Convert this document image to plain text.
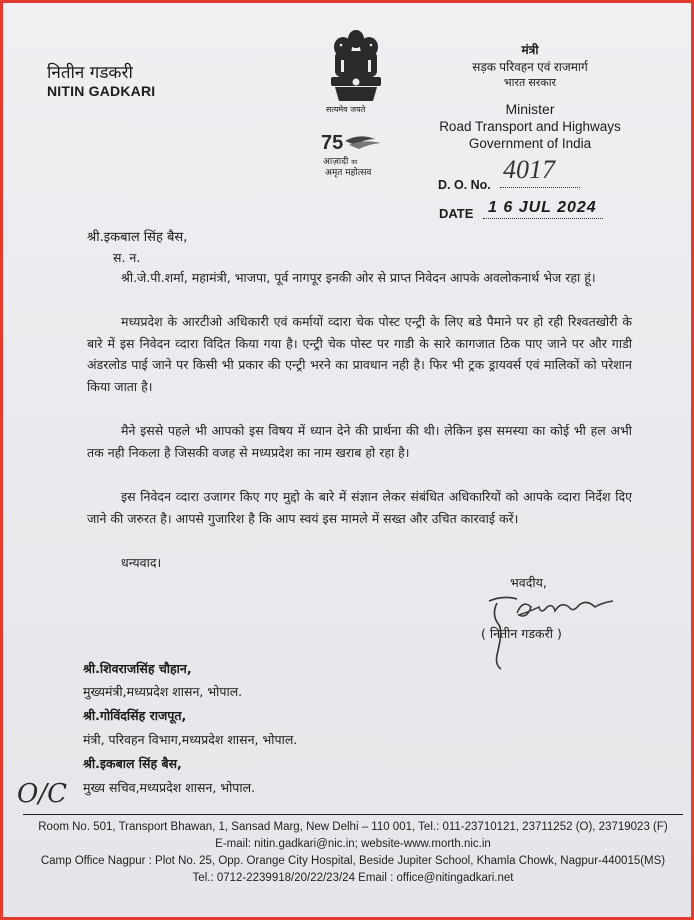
नितीन गडकरी
NITIN GADKARI
सत्यमेव जयते
75
आज़ादी का
अमृत महोत्सव
मंत्री
सड़क परिवहन एवं राजमार्ग
भारत सरकार
Minister
Road Transport and Highways
Government of India
D. O. No.
4017
DATE 1 6 JUL 2024
श्री.इकबाल सिंह बैस,
स. न.
श्री.जे.पी.शर्मा, महामंत्री, भाजपा, पूर्व नागपूर इनकी ओर से प्राप्त निवेदन आपके अवलोकनार्थ भेज रहा हूं।
मध्यप्रदेश के आरटीओ अधिकारी एवं कर्मायों व्दारा चेक पोस्ट एन्ट्री के लिए बडे पैमाने पर हो रही रिश्वतखोरी के बारे में इस निवेदन व्दारा विदित किया गया है। एन्ट्री चेक पोस्ट पर गाडी के सारे कागजात ठिक पाए जाने पर और गाडी अंडरलोड पाई जाने पर किसी भी प्रकार की एन्ट्री भरने का प्रावधान नही है। फिर भी ट्रक ड्रायवर्स एवं मालिकों को परेशान किया जाता है।
मैने इससे पहले भी आपको इस विषय में ध्यान देने की प्रार्थना की थी। लेकिन इस समस्या का कोई भी हल अभी तक नही निकला है जिसकी वजह से मध्यप्रदेश का नाम खराब हो रहा है।
इस निवेदन व्दारा उजागर किए गए मुद्दो के बारे में संज्ञान लेकर संबंधित अधिकारियों को आपके व्दारा निर्देश दिए जाने की जरुरत है। आपसे गुजारिश है कि आप स्वयं इस मामले में सख्त और उचित कारवाई करें।
धन्यवाद।
भवदीय,
( नितीन गडकरी )
श्री.शिवराजसिंह चौहान,
मुख्यमंत्री,मध्यप्रदेश शासन, भोपाल.
श्री.गोविंदसिंह राजपूत,
मंत्री, परिवहन विभाग,मध्यप्रदेश शासन, भोपाल.
श्री.इकबाल सिंह बैस,
मुख्य सचिव,मध्यप्रदेश शासन, भोपाल.
O/C
Room No. 501, Transport Bhawan, 1, Sansad Marg, New Delhi – 110 001, Tel.: 011-23710121, 23711252 (O), 23719023 (F)
E-mail: nitin.gadkari@nic.in; website-www.morth.nic.in
Camp Office Nagpur : Plot No. 25, Opp. Orange City Hospital, Beside Jupiter School, Khamla Chowk, Nagpur-440015(MS)
Tel.: 0712-2239918/20/22/23/24 Email : office@nitingadkari.net
